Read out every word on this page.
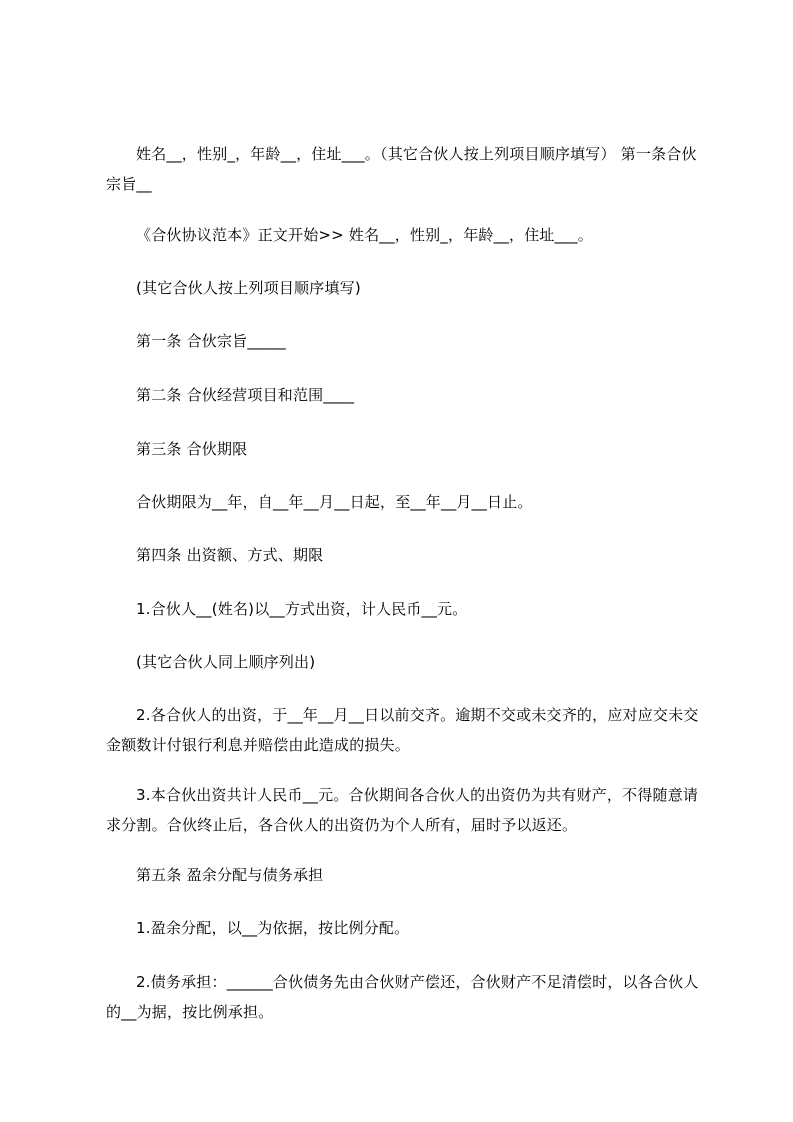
姓名__，性别_，年龄__，住址___。（其它合伙人按上列项目顺序填写） 第一条合伙宗旨__

《合伙协议范本》正文开始>> 姓名__，性别_，年龄__，住址___。

(其它合伙人按上列项目顺序填写)

第一条 合伙宗旨_____

第二条 合伙经营项目和范围____

第三条 合伙期限

合伙期限为__年，自__年__月__日起，至__年__月__日止。

第四条 出资额、方式、期限

1.合伙人__(姓名)以__方式出资，计人民币__元。

(其它合伙人同上顺序列出)

2.各合伙人的出资，于__年__月__日以前交齐。逾期不交或未交齐的，应对应交未交金额数计付银行利息并赔偿由此造成的损失。

3.本合伙出资共计人民币__元。合伙期间各合伙人的出资仍为共有财产，不得随意请求分割。合伙终止后，各合伙人的出资仍为个人所有，届时予以返还。

第五条 盈余分配与债务承担

1.盈余分配，以__为依据，按比例分配。

2.债务承担：______合伙债务先由合伙财产偿还，合伙财产不足清偿时，以各合伙人的__为据，按比例承担。
